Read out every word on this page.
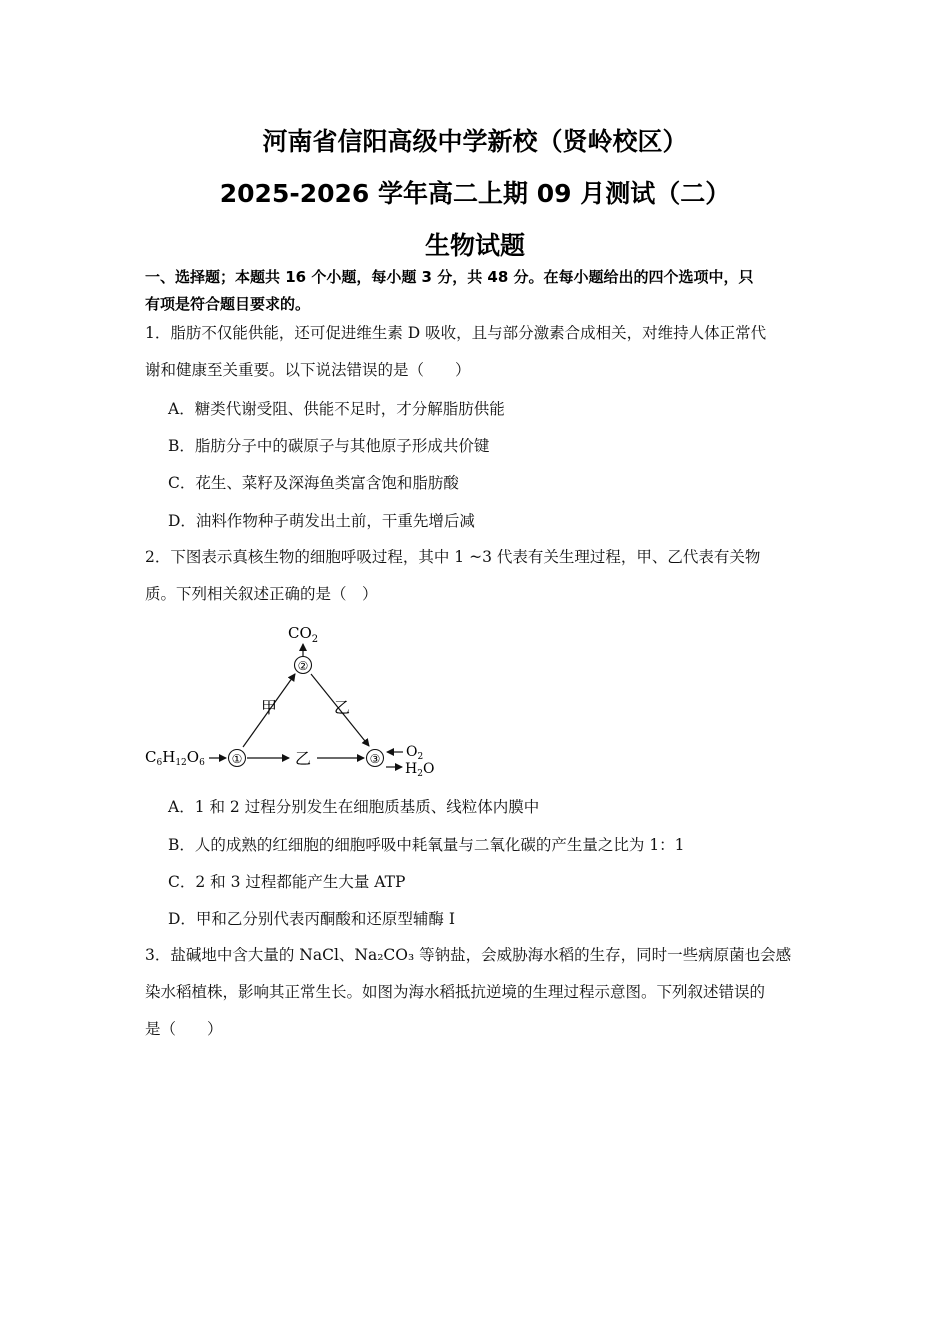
河南省信阳高级中学新校（贤岭校区）
2025-2026 学年高二上期 09 月测试（二）
生物试题
一、选择题；本题共 16 个小题，每小题 3 分，共 48 分。在每小题给出的四个选项中，只
有项是符合题目要求的。
1．脂肪不仅能供能，还可促进维生素 D 吸收，且与部分激素合成相关，对维持人体正常代
谢和健康至关重要。以下说法错误的是（　　）
A．糖类代谢受阻、供能不足时，才分解脂肪供能
B．脂肪分子中的碳原子与其他原子形成共价键
C．花生、菜籽及深海鱼类富含饱和脂肪酸
D．油料作物种子萌发出土前，干重先增后减
2．下图表示真核生物的细胞呼吸过程，其中 1 ~3 代表有关生理过程，甲、乙代表有关物
质。下列相关叙述正确的是（　）
$CO_2$
②
甲	乙
$C_6H_{12}O_6$ ①	乙	③ $O_2$
$H_2O$
A．1 和 2 过程分别发生在细胞质基质、线粒体内膜中
B．人的成熟的红细胞的细胞呼吸中耗氧量与二氧化碳的产生量之比为 1：1
C．2 和 3 过程都能产生大量 ATP
D．甲和乙分别代表丙酮酸和还原型辅酶 I
3．盐碱地中含大量的 NaCl、Na₂CO₃ 等钠盐，会威胁海水稻的生存，同时一些病原菌也会感
染水稻植株，影响其正常生长。如图为海水稻抵抗逆境的生理过程示意图。下列叙述错误的
是（　　）
